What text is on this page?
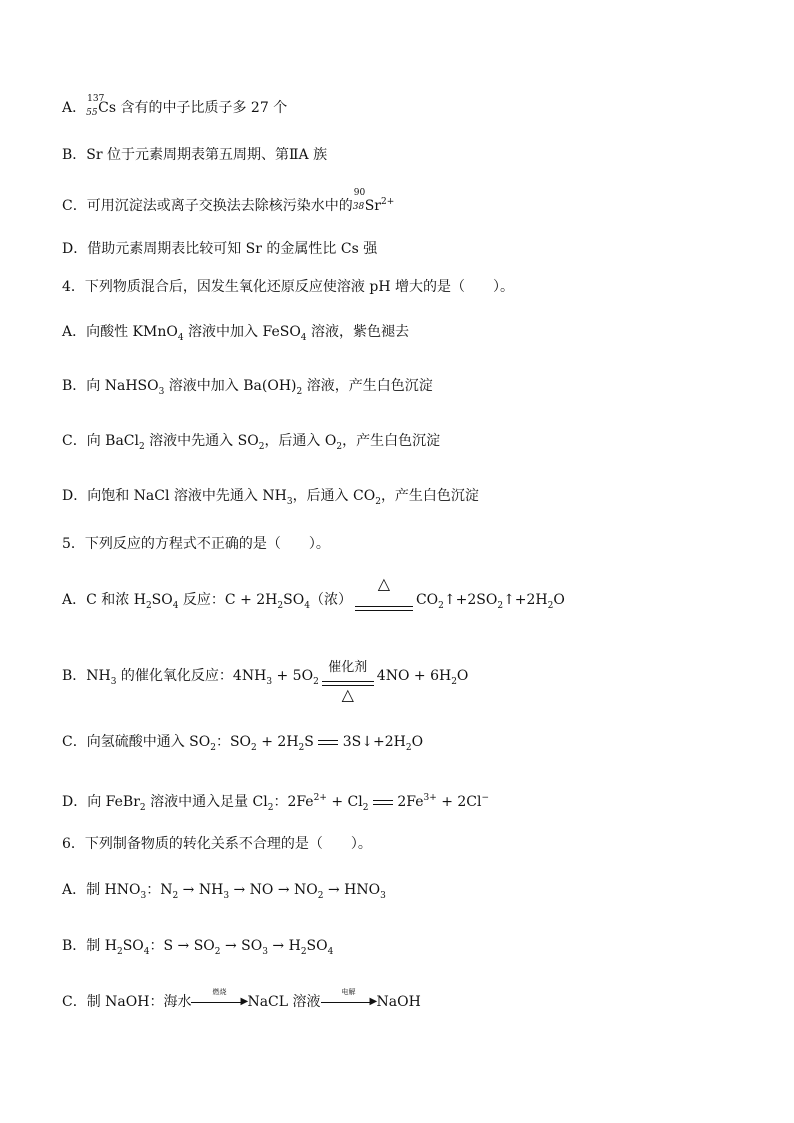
A．
137
55 Cs 含有的中子比质子多 27 个
B．Sr 位于元素周期表第五周期、第ⅡA 族
C．可用沉淀法或离子交换法去除核污染水中的
90
38 $Sr^{2+}$
D．借助元素周期表比较可知 Sr 的金属性比 Cs 强
4．下列物质混合后，因发生氧化还原反应使溶液 pH 增大的是（　　）。
A．向酸性 KMnO$_4$ 溶液中加入 FeSO$_4$ 溶液，紫色褪去
B．向 NaHSO$_3$ 溶液中加入 $Ba(OH)_2$ 溶液，产生白色沉淀
C．向 BaCl$_2$ 溶液中先通入 $SO_2$，后通入 $O_2$，产生白色沉淀
D．向饱和 NaCl 溶液中先通入 $NH_3$，后通入 $CO_2$，产生白色沉淀
5．下列反应的方程式不正确的是（　　）。
A．C 和浓 $H_2SO_4$ 反应：$C + 2H_2SO_4$（浓）
△
$CO_2↑+2SO_2↑+2H_2O$
B．$NH_3$ 的催化氧化反应：$4NH_3 + 5O_2$
催化剂
△
$4NO + 6H_2O$
C．向氢硫酸中通入 $SO_2$：$SO_2 + 2H_2S$  $3S↓+2H_2O$
D．向 FeBr$_2$ 溶液中通入足量 $Cl_2$：$2Fe^{2+} + Cl_2$  $2Fe^{3+} + 2Cl^-$
6．下列制备物质的转化关系不合理的是（　　）。
A．制 $HNO_3$：$N_2 \to NH_3$ → NO → $NO_2 \to HNO_3$
B．制 $H_2SO_4$：$S \to SO_2 \to SO_3 \to H_2SO_4$
C．制 NaOH：海水
燃烧
▶NaCL 溶液
电解
▶NaOH
